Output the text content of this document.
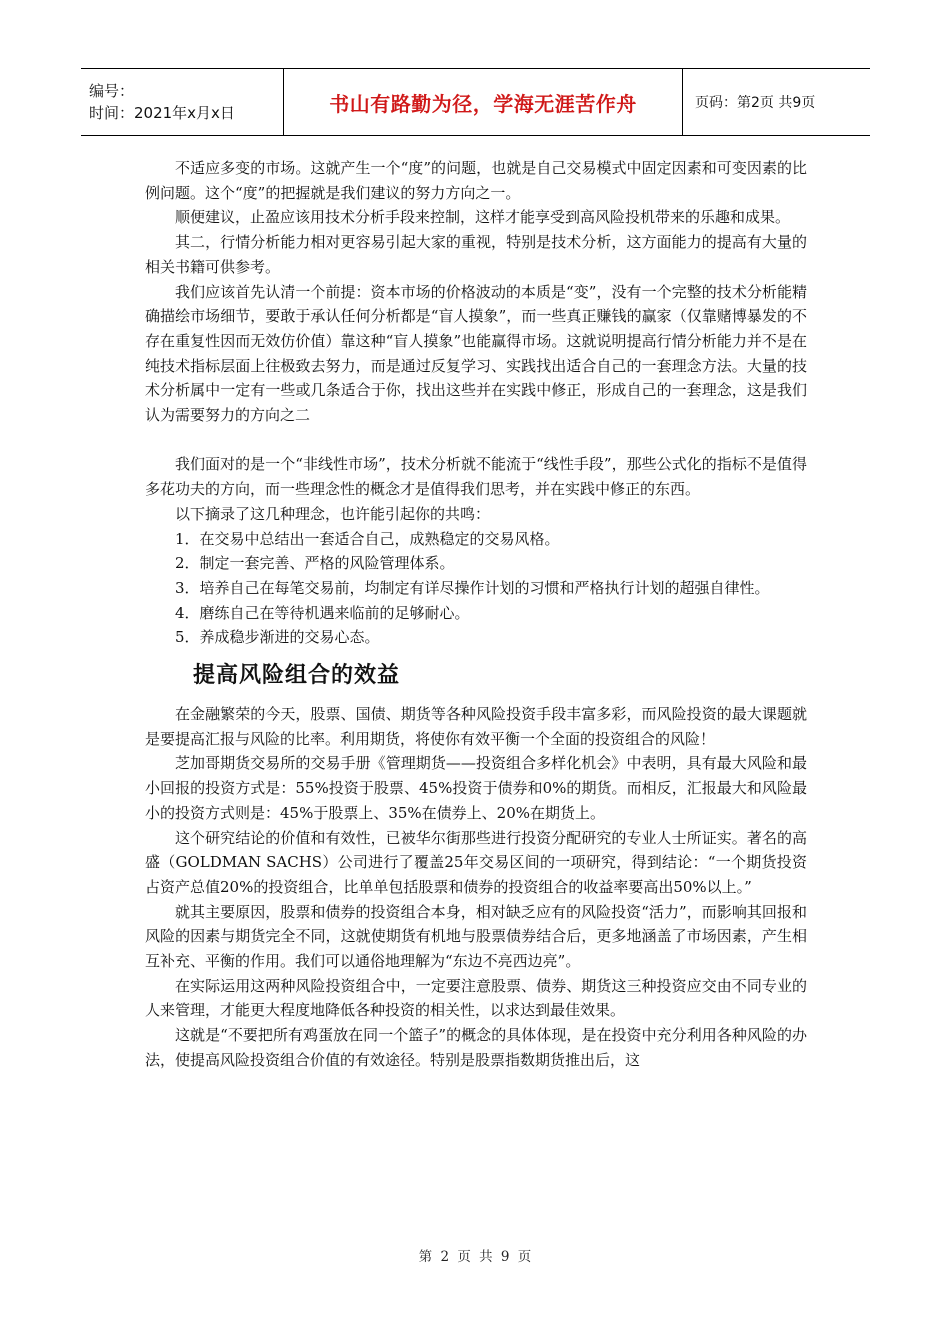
编号：
时间：2021年x月x日	书山有路勤为径，学海无涯苦作舟	页码：第2页 共9页

不适应多变的市场。这就产生一个“度”的问题，也就是自己交易模式中固定因素和可变因素的比例问题。这个“度”的把握就是我们建议的努力方向之一。

顺便建议，止盈应该用技术分析手段来控制，这样才能享受到高风险投机带来的乐趣和成果。

其二，行情分析能力相对更容易引起大家的重视，特别是技术分析，这方面能力的提高有大量的相关书籍可供参考。

我们应该首先认清一个前提：资本市场的价格波动的本质是“变”，没有一个完整的技术分析能精确描绘市场细节，要敢于承认任何分析都是“盲人摸象”，而一些真正赚钱的赢家（仅靠赌博暴发的不存在重复性因而无效仿价值）靠这种“盲人摸象”也能赢得市场。这就说明提高行情分析能力并不是在纯技术指标层面上往极致去努力，而是通过反复学习、实践找出适合自己的一套理念方法。大量的技术分析属中一定有一些或几条适合于你，找出这些并在实践中修正，形成自己的一套理念，这是我们认为需要努力的方向之二

我们面对的是一个“非线性市场”，技术分析就不能流于“线性手段”，那些公式化的指标不是值得多花功夫的方向，而一些理念性的概念才是值得我们思考，并在实践中修正的东西。

以下摘录了这几种理念，也许能引起你的共鸣：

1．在交易中总结出一套适合自己，成熟稳定的交易风格。

2．制定一套完善、严格的风险管理体系。

3．培养自己在每笔交易前，均制定有详尽操作计划的习惯和严格执行计划的超强自律性。

4．磨练自己在等待机遇来临前的足够耐心。

5．养成稳步渐进的交易心态。

提高风险组合的效益

在金融繁荣的今天，股票、国债、期货等各种风险投资手段丰富多彩，而风险投资的最大课题就是要提高汇报与风险的比率。利用期货，将使你有效平衡一个全面的投资组合的风险！

芝加哥期货交易所的交易手册《管理期货——投资组合多样化机会》中表明，具有最大风险和最小回报的投资方式是：55%投资于股票、45%投资于债券和0%的期货。而相反，汇报最大和风险最小的投资方式则是：45%于股票上、35%在债券上、20%在期货上。

这个研究结论的价值和有效性，已被华尔街那些进行投资分配研究的专业人士所证实。著名的高盛（GOLDMAN SACHS）公司进行了覆盖25年交易区间的一项研究，得到结论：“一个期货投资占资产总值20%的投资组合，比单单包括股票和债券的投资组合的收益率要高出50%以上。”

就其主要原因，股票和债券的投资组合本身，相对缺乏应有的风险投资“活力”，而影响其回报和风险的因素与期货完全不同，这就使期货有机地与股票债券结合后，更多地涵盖了市场因素，产生相互补充、平衡的作用。我们可以通俗地理解为“东边不亮西边亮”。

在实际运用这两种风险投资组合中，一定要注意股票、债券、期货这三种投资应交由不同专业的人来管理，才能更大程度地降低各种投资的相关性，以求达到最佳效果。

这就是“不要把所有鸡蛋放在同一个篮子”的概念的具体体现，是在投资中充分利用各种风险的办法，使提高风险投资组合价值的有效途径。特别是股票指数期货推出后，这

第 2 页 共 9 页
